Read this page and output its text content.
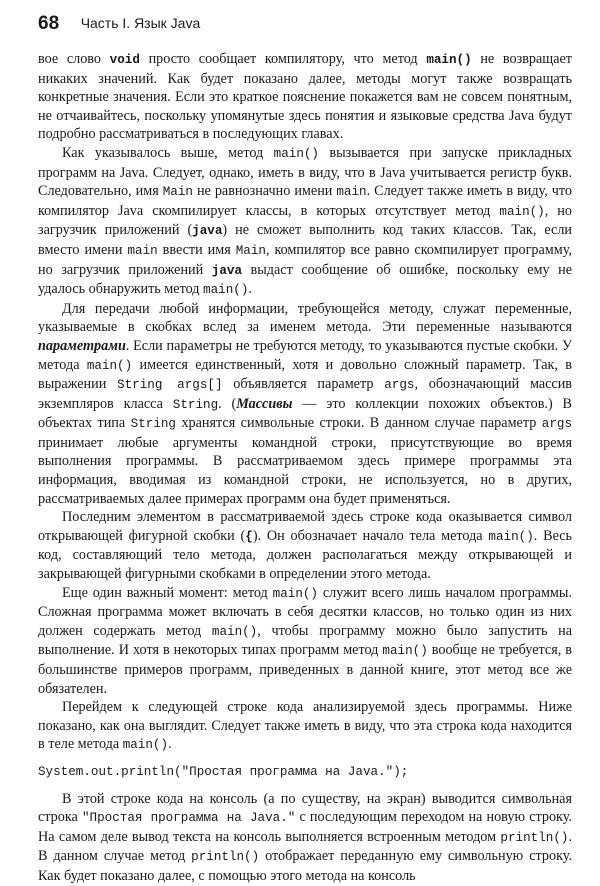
68 Часть I. Язык Java

вое слово void просто сообщает компилятору, что метод main() не возвращает никаких значений. Как будет показано далее, методы могут также возвращать конкретные значения. Если это краткое пояснение покажется вам не совсем понятным, не отчаивайтесь, поскольку упомянутые здесь понятия и языковые средства Java будут подробно рассматриваться в последующих главах.

Как указывалось выше, метод main() вызывается при запуске прикладных программ на Java. Следует, однако, иметь в виду, что в Java учитывается регистр букв. Следовательно, имя Main не равнозначно имени main. Следует также иметь в виду, что компилятор Java скомпилирует классы, в которых отсутствует метод main(), но загрузчик приложений (java) не сможет выполнить код таких классов. Так, если вместо имени main ввести имя Main, компилятор все равно скомпилирует программу, но загрузчик приложений java выдаст сообщение об ошибке, поскольку ему не удалось обнаружить метод main().

Для передачи любой информации, требующейся методу, служат переменные, указываемые в скобках вслед за именем метода. Эти переменные называются параметрами. Если параметры не требуются методу, то указываются пустые скобки. У метода main() имеется единственный, хотя и довольно сложный параметр. Так, в выражении String args[] объявляется параметр args, обозначающий массив экземпляров класса String. (Массивы — это коллекции похожих объектов.) В объектах типа String хранятся символьные строки. В данном случае параметр args принимает любые аргументы командной строки, присутствующие во время выполнения программы. В рассматриваемом здесь примере программы эта информация, вводимая из командной строки, не используется, но в других, рассматриваемых далее примерах программ она будет применяться.

Последним элементом в рассматриваемой здесь строке кода оказывается символ открывающей фигурной скобки ({). Он обозначает начало тела метода main(). Весь код, составляющий тело метода, должен располагаться между открывающей и закрывающей фигурными скобками в определении этого метода.

Еще один важный момент: метод main() служит всего лишь началом программы. Сложная программа может включать в себя десятки классов, но только один из них должен содержать метод main(), чтобы программу можно было запустить на выполнение. И хотя в некоторых типах программ метод main() вообще не требуется, в большинстве примеров программ, приведенных в данной книге, этот метод все же обязателен.

Перейдем к следующей строке кода анализируемой здесь программы. Ниже показано, как она выглядит. Следует также иметь в виду, что эта строка кода находится в теле метода main().

System.out.println("Простая программа на Java.");

В этой строке кода на консоль (а по существу, на экран) выводится символьная строка "Простая программа на Java." с последующим переходом на новую строку. На самом деле вывод текста на консоль выполняется встроенным методом println(). В данном случае метод println() отображает переданную ему символьную строку. Как будет показано далее, с помощью этого метода на консоль
